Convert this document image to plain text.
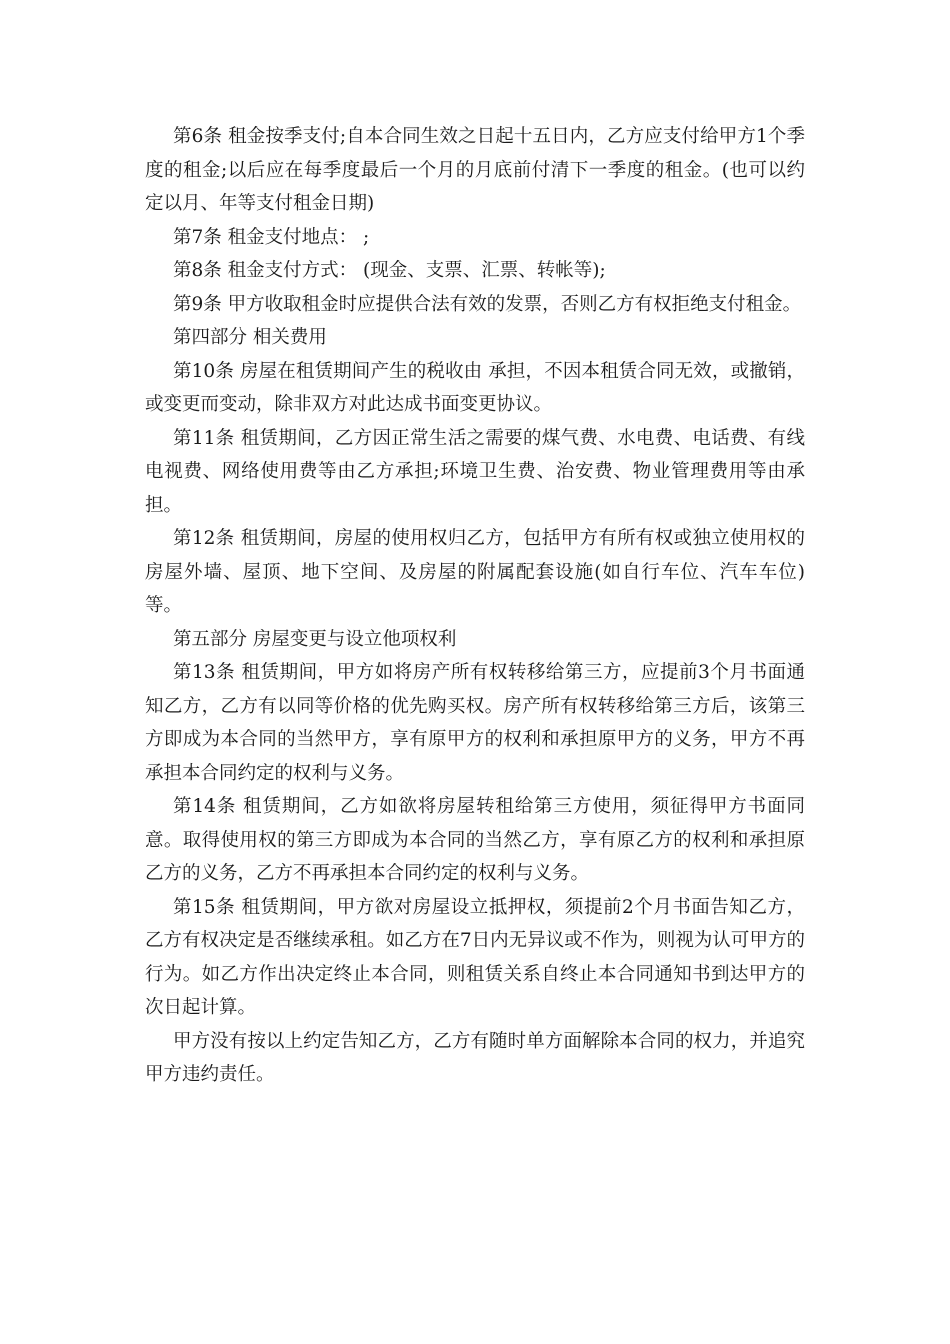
第6条 租金按季支付;自本合同生效之日起十五日内，乙方应支付给甲方1个季度的租金;以后应在每季度最后一个月的月底前付清下一季度的租金。(也可以约定以月、年等支付租金日期)

第7条 租金支付地点： ;

第8条 租金支付方式： (现金、支票、汇票、转帐等);

第9条 甲方收取租金时应提供合法有效的发票，否则乙方有权拒绝支付租金。

第四部分 相关费用

第10条 房屋在租赁期间产生的税收由 承担，不因本租赁合同无效，或撤销，或变更而变动，除非双方对此达成书面变更协议。

第11条 租赁期间，乙方因正常生活之需要的煤气费、水电费、电话费、有线电视费、网络使用费等由乙方承担;环境卫生费、治安费、物业管理费用等由承担。

第12条 租赁期间，房屋的使用权归乙方，包括甲方有所有权或独立使用权的房屋外墙、屋顶、地下空间、及房屋的附属配套设施(如自行车位、汽车车位)等。

第五部分 房屋变更与设立他项权利

第13条 租赁期间，甲方如将房产所有权转移给第三方，应提前3个月书面通知乙方，乙方有以同等价格的优先购买权。房产所有权转移给第三方后，该第三方即成为本合同的当然甲方，享有原甲方的权利和承担原甲方的义务，甲方不再承担本合同约定的权利与义务。

第14条 租赁期间，乙方如欲将房屋转租给第三方使用，须征得甲方书面同意。取得使用权的第三方即成为本合同的当然乙方，享有原乙方的权利和承担原乙方的义务，乙方不再承担本合同约定的权利与义务。

第15条 租赁期间，甲方欲对房屋设立抵押权，须提前2个月书面告知乙方，乙方有权决定是否继续承租。如乙方在7日内无异议或不作为，则视为认可甲方的行为。如乙方作出决定终止本合同，则租赁关系自终止本合同通知书到达甲方的次日起计算。

甲方没有按以上约定告知乙方，乙方有随时单方面解除本合同的权力，并追究甲方违约责任。
